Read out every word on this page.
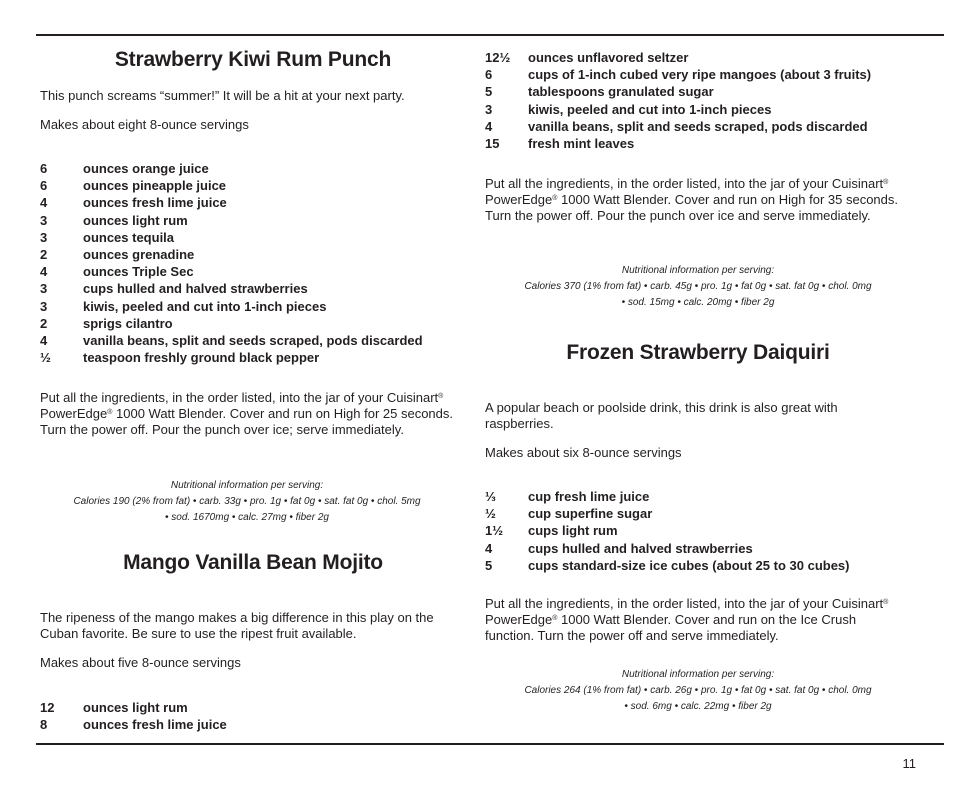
Strawberry Kiwi Rum Punch

This punch screams “summer!” It will be a hit at your next party.

Makes about eight 8-ounce servings

6	ounces orange juice
6	ounces pineapple juice
4	ounces fresh lime juice
3	ounces light rum
3	ounces tequila
2	ounces grenadine
4	ounces Triple Sec
3	cups hulled and halved strawberries
3	kiwis, peeled and cut into 1-inch pieces
2	sprigs cilantro
4	vanilla beans, split and seeds scraped, pods discarded
½ teaspoon freshly ground black pepper

Put all the ingredients, in the order listed, into the jar of your Cuisinart® PowerEdge® 1000 Watt Blender. Cover and run on High for 25 seconds. Turn the power off. Pour the punch over ice; serve immediately.

Nutritional information per serving:
Calories 190 (2% from fat) • carb. 33g • pro. 1g • fat 0g • sat. fat 0g • chol. 5mg
• sod. 1670mg • calc. 27mg • fiber 2g
Mango Vanilla Bean Mojito

The ripeness of the mango makes a big difference in this play on the Cuban favorite. Be sure to use the ripest fruit available.

Makes about five 8-ounce servings

12 ounces light rum
8	ounces fresh lime juice
12½ ounces unflavored seltzer
6	cups of 1-inch cubed very ripe mangoes (about 3 fruits)
5	tablespoons granulated sugar
3	kiwis, peeled and cut into 1-inch pieces
4	vanilla beans, split and seeds scraped, pods discarded
15 fresh mint leaves

Put all the ingredients, in the order listed, into the jar of your Cuisinart® PowerEdge® 1000 Watt Blender. Cover and run on High for 35 seconds. Turn the power off. Pour the punch over ice and serve immediately.

Nutritional information per serving:
Calories 370 (1% from fat) • carb. 45g • pro. 1g • fat 0g • sat. fat 0g • chol. 0mg
• sod. 15mg • calc. 20mg • fiber 2g
Frozen Strawberry Daiquiri

A popular beach or poolside drink, this drink is also great with raspberries.

Makes about six 8-ounce servings

⅓ cup fresh lime juice
½ cup superfine sugar
1½ cups light rum
4	cups hulled and halved strawberries
5	cups standard-size ice cubes (about 25 to 30 cubes)

Put all the ingredients, in the order listed, into the jar of your Cuisinart® PowerEdge® 1000 Watt Blender. Cover and run on the Ice Crush function. Turn the power off and serve immediately.

Nutritional information per serving:
Calories 264 (1% from fat) • carb. 26g • pro. 1g • fat 0g • sat. fat 0g • chol. 0mg
• sod. 6mg • calc. 22mg • fiber 2g
11
